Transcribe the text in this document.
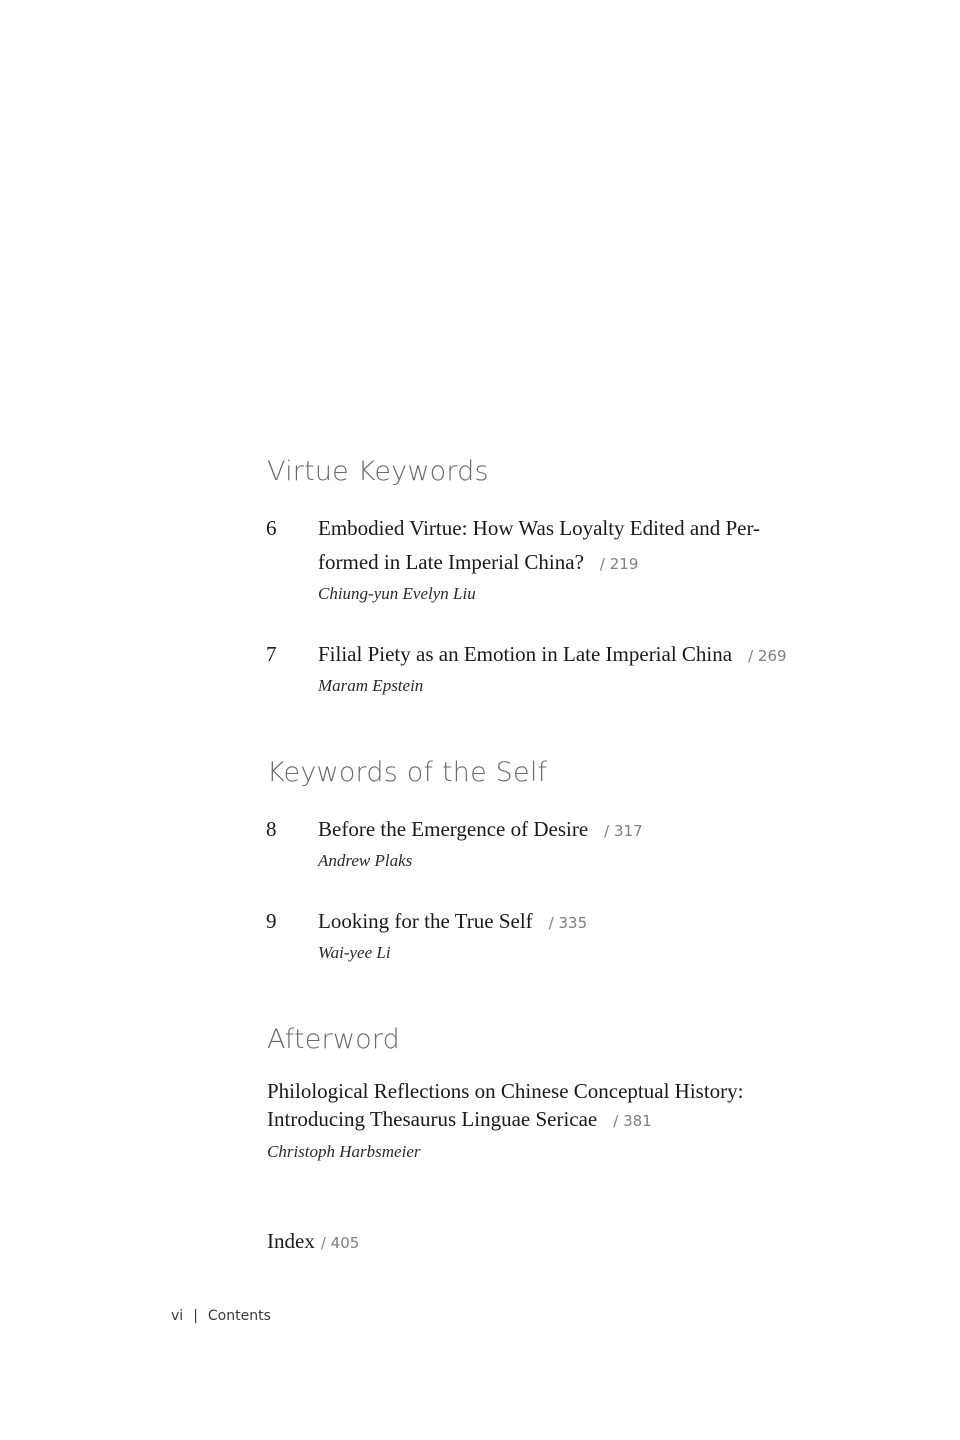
Virtue Keywords
6 Embodied Virtue: How Was Loyalty Edited and Per-
formed in Late Imperial China? / 219
Chiung-yun Evelyn Liu
7 Filial Piety as an Emotion in Late Imperial China / 269
Maram Epstein
Keywords of the Self
8 Before the Emergence of Desire / 317
Andrew Plaks
9 Looking for the True Self / 335
Wai-yee Li
Afterword
Philological Reflections on Chinese Conceptual History:
Introducing Thesaurus Linguae Sericae / 381
Christoph Harbsmeier
Index / 405
vi | Contents
